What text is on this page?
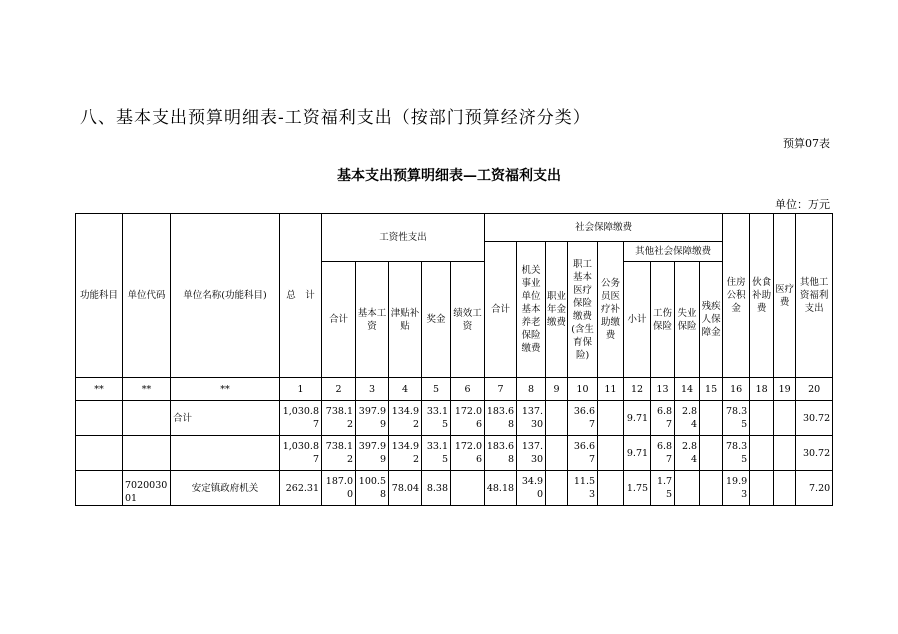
八、基本支出预算明细表-工资福利支出（按部门预算经济分类）
预算07表
基本支出预算明细表—工资福利支出
单位：万元
功能科目	单位代码	单位名称(功能科目)	总　计	工资性支出					社会保障缴费									住房公积金	伙食补助费	医疗费	其他工资福利支出
									合计	机关事业单位基本养老保险缴费	职业年金缴费	职工基本医疗保险缴费(含生育保险)	公务员医疗补助缴费	其他社会保障缴费							
				合计	基本工资	津贴补贴	奖金	绩效工资						小计	工伤保险	失业保险	残疾人保障金				
**	**	**	1	2	3	4	5	6	7	8	9	10	11	12	13	14	15	16	18	19	20
		合计	1,030.87	738.12	397.99	134.92	33.15	172.06	183.68	137.30		36.67		9.71	6.87	2.84		78.35			30.72
			1,030.87	738.12	397.99	134.92	33.15	172.06	183.68	137.30		36.67		9.71	6.87	2.84		78.35			30.72
	702003001	安定镇政府机关	262.31	187.00	100.58	78.04	8.38		48.18	34.90		11.53		1.75	1.75			19.93			7.20
